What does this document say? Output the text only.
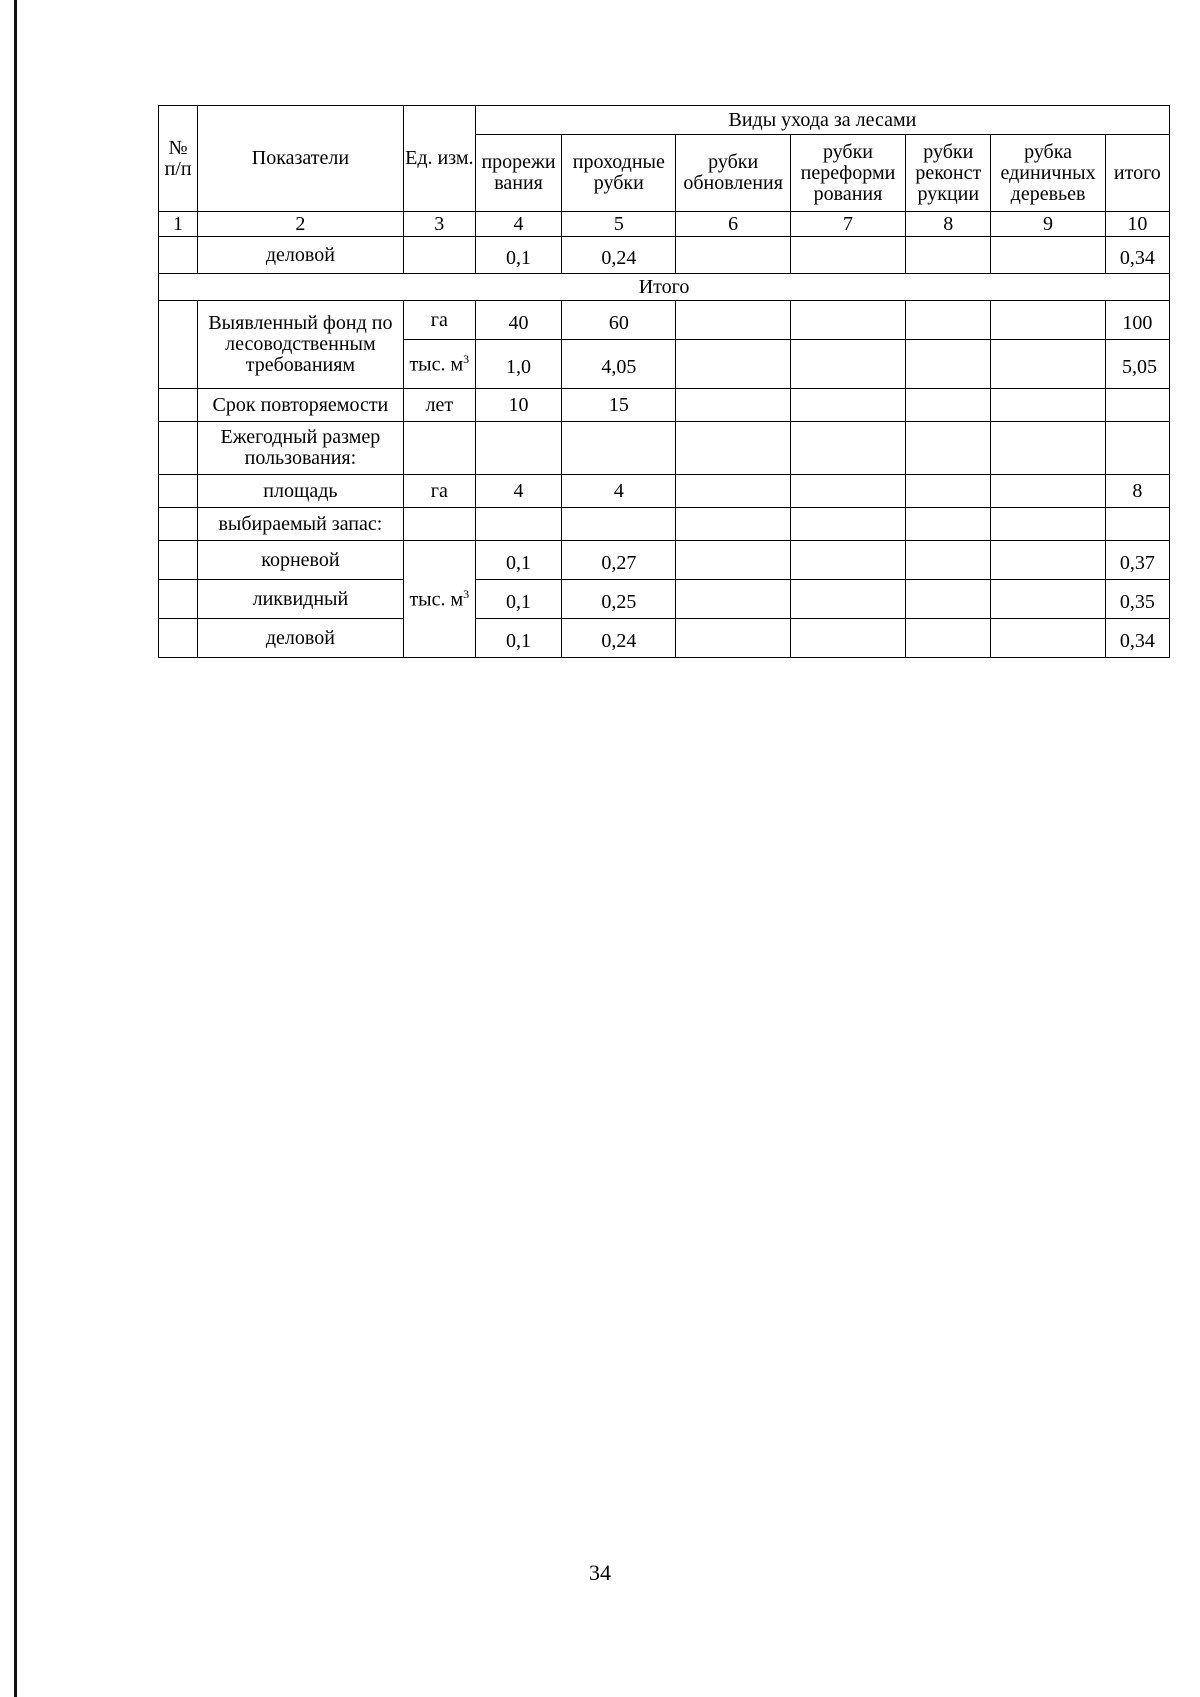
№ п/п	Показатели	Ед. изм.	Виды ухода за лесами						
			прорежи вания	проходные рубки	рубки обновления	рубки переформи рования	рубки реконст рукции	рубка единичных деревьев	итого
1	2	3	4	5	6	7	8	9	10
	деловой		0,1	0,24					0,34
Итого									
	Выявленный фонд по лесоводственным требованиям	га	40	60					100
		тыс. $м^3$	1,0	4,05					5,05
	Срок повторяемости	лет	10	15					
	Ежегодный размер пользования:								
	площадь	га	4	4					8
	выбираемый запас:								
	корневой	тыс. $м^3$	0,1	0,27					0,37
	ликвидный		0,1	0,25					0,35
	деловой		0,1	0,24					0,34
34
